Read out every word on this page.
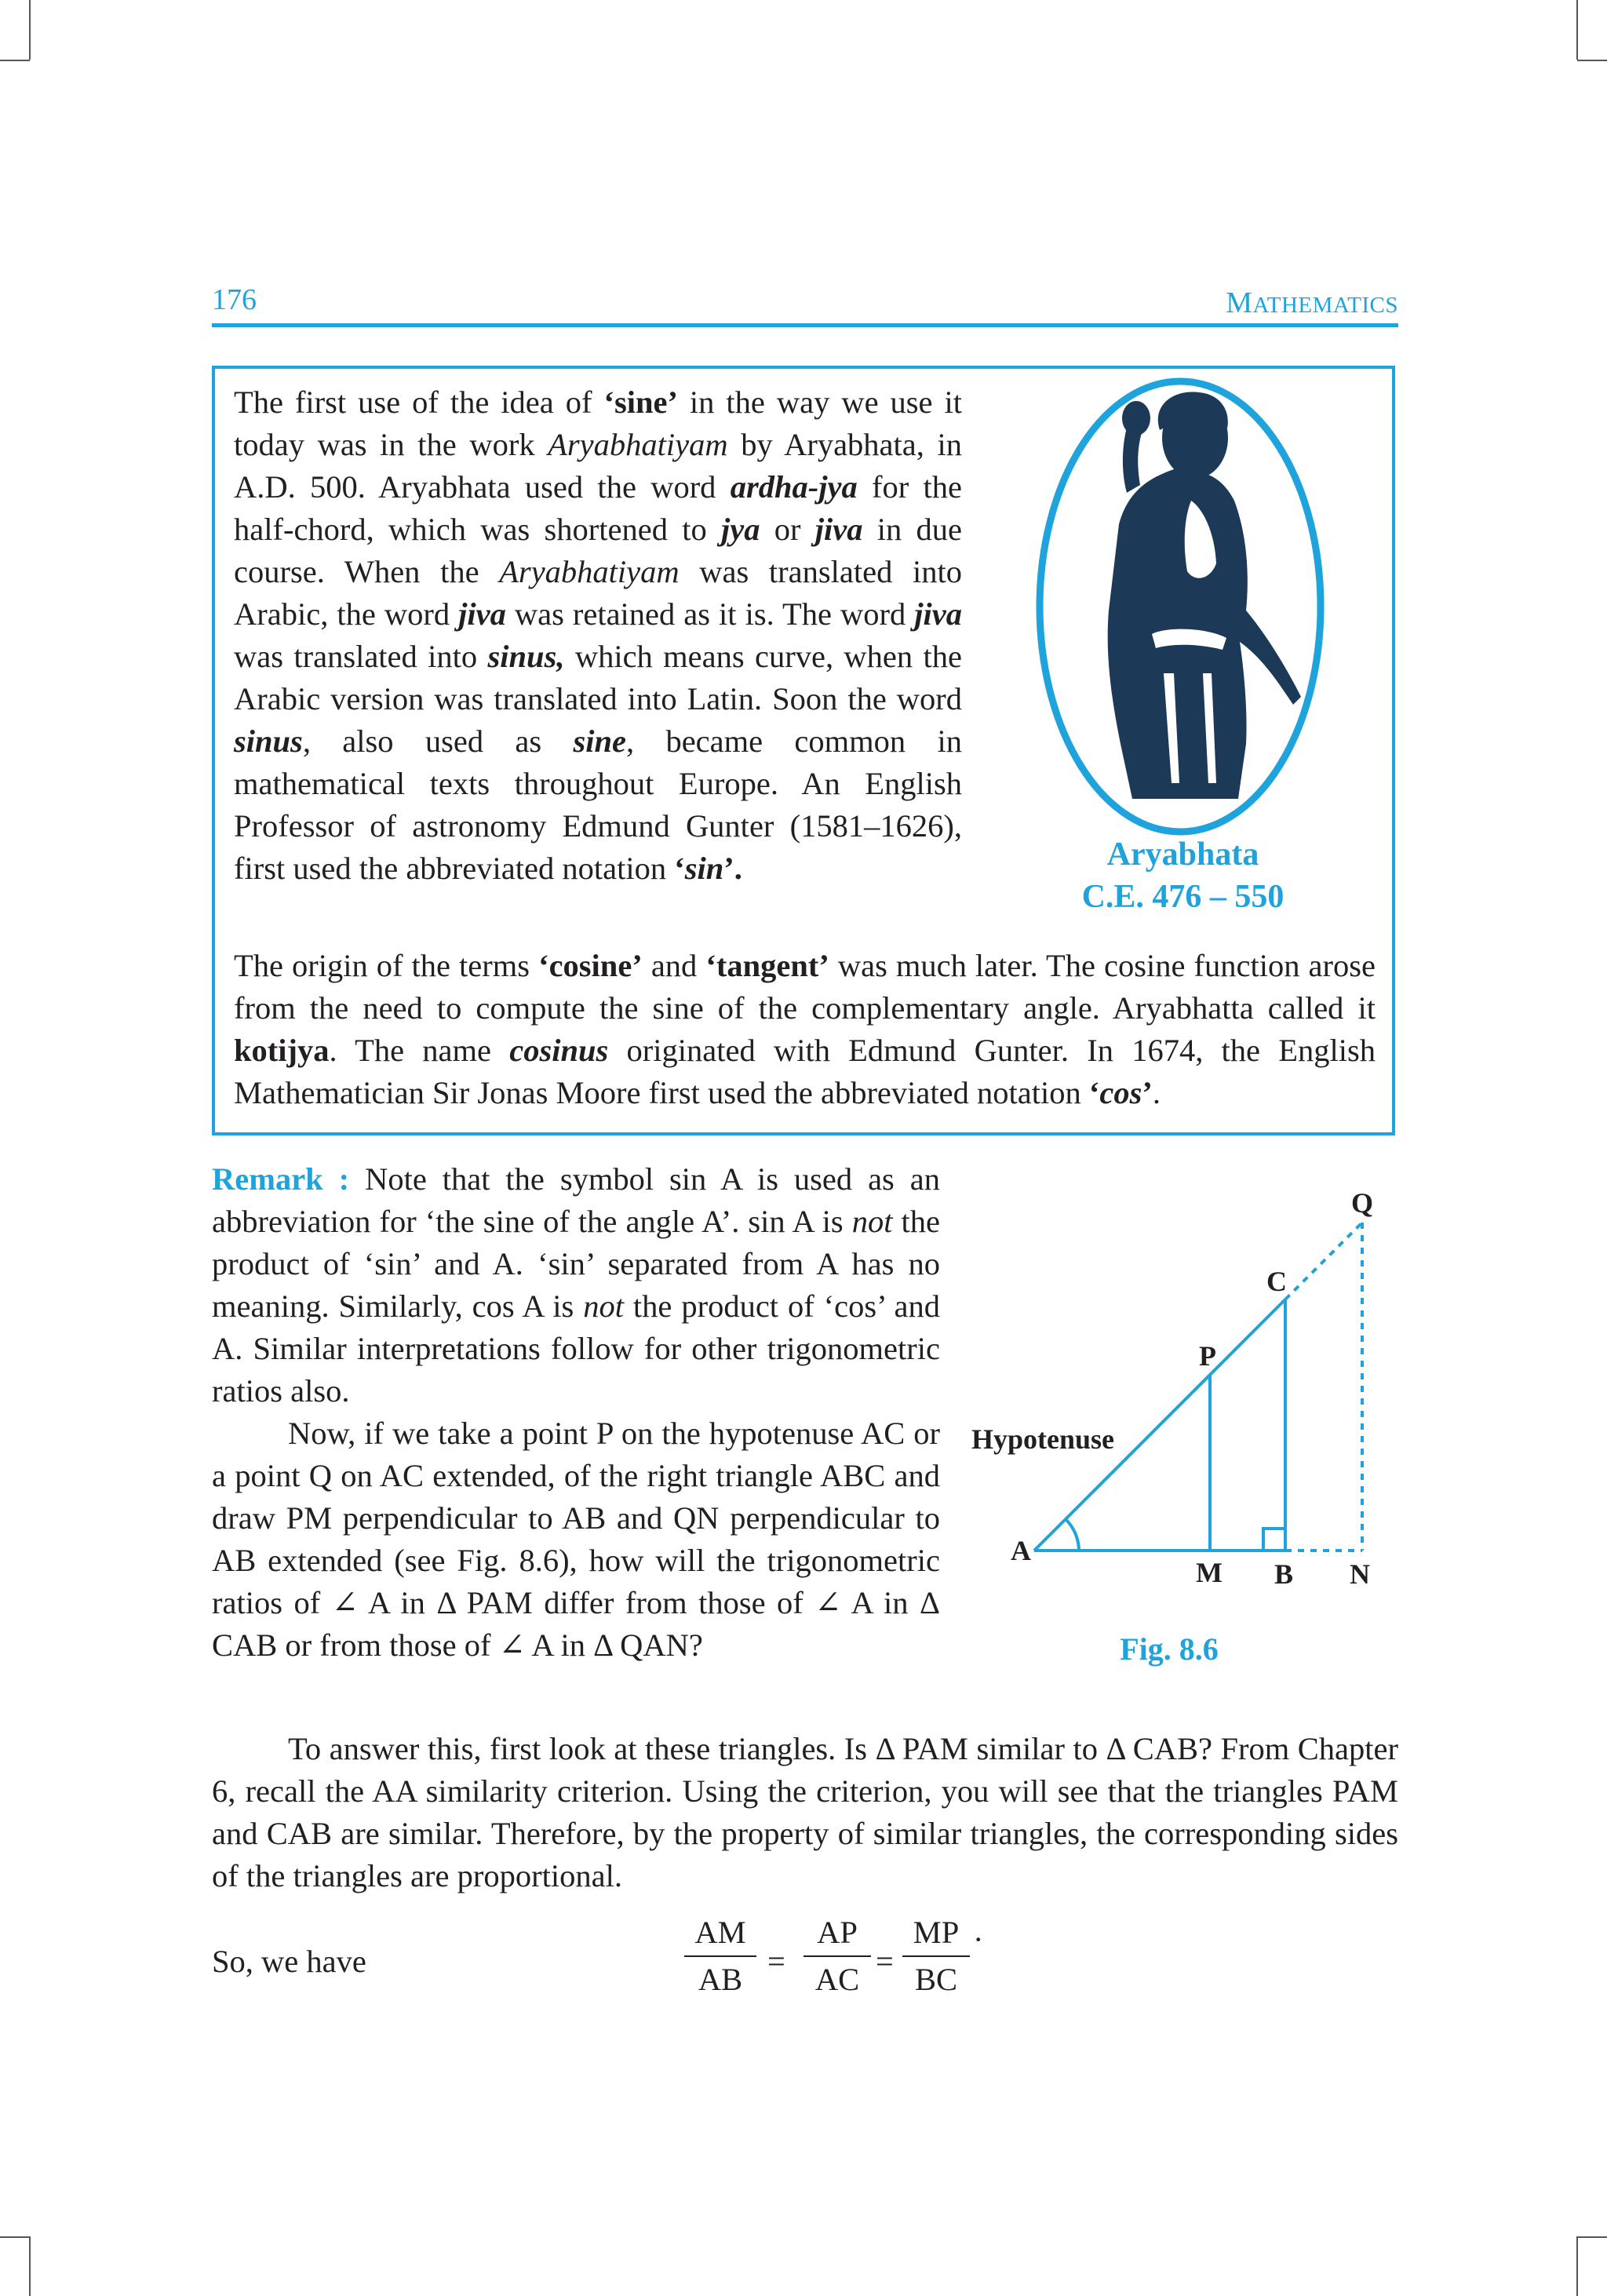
176	MATHEMATICS

The first use of the idea of ‘sine’ in the way we use it today was in the work Aryabhatiyam by Aryabhata, in A.D. 500. Aryabhata used the word ardha-jya for the half-chord, which was shortened to jya or jiva in due course. When the Aryabhatiyam was translated into Arabic, the word jiva was retained as it is. The word jiva was translated into sinus, which means curve, when the Arabic version was translated into Latin. Soon the word sinus, also used as sine, became common in mathematical texts throughout Europe. An English Professor of astronomy Edmund Gunter (1581–1626), first used the abbreviated notation ‘sin’.	Aryabhata
C.E. 476 – 550

The origin of the terms ‘cosine’ and ‘tangent’ was much later. The cosine function arose from the need to compute the sine of the complementary angle. Aryabhatta called it kotijya. The name cosinus originated with Edmund Gunter. In 1674, the English Mathematician Sir Jonas Moore first used the abbreviated notation ‘cos’.

Remark : Note that the symbol sin A is used as an abbreviation for ‘the sine of the angle A’. sin A is not the product of ‘sin’ and A. ‘sin’ separated from A has no meaning. Similarly, cos A is not the product of ‘cos’ and A. Similar interpretations follow for other trigonometric ratios also.

A
M B N
P
C
Q
Hypotenuse
Fig. 8.6

Now, if we take a point P on the hypotenuse AC or a point Q on AC extended, of the right triangle ABC and draw PM perpendicular to AB and QN perpendicular to AB extended (see Fig. 8.6), how will the trigonometric ratios of ∠ A in Δ PAM differ from those of ∠ A in Δ CAB or from those of ∠ A in Δ QAN?

To answer this, first look at these triangles. Is Δ PAM similar to Δ CAB? From Chapter 6, recall the AA similarity criterion. Using the criterion, you will see that the triangles PAM and CAB are similar. Therefore, by the property of similar triangles, the corresponding sides of the triangles are proportional.

So, we have	$\frac{AM}{AB} = \frac{AP}{AC} = \frac{MP}{BC}$ ·
